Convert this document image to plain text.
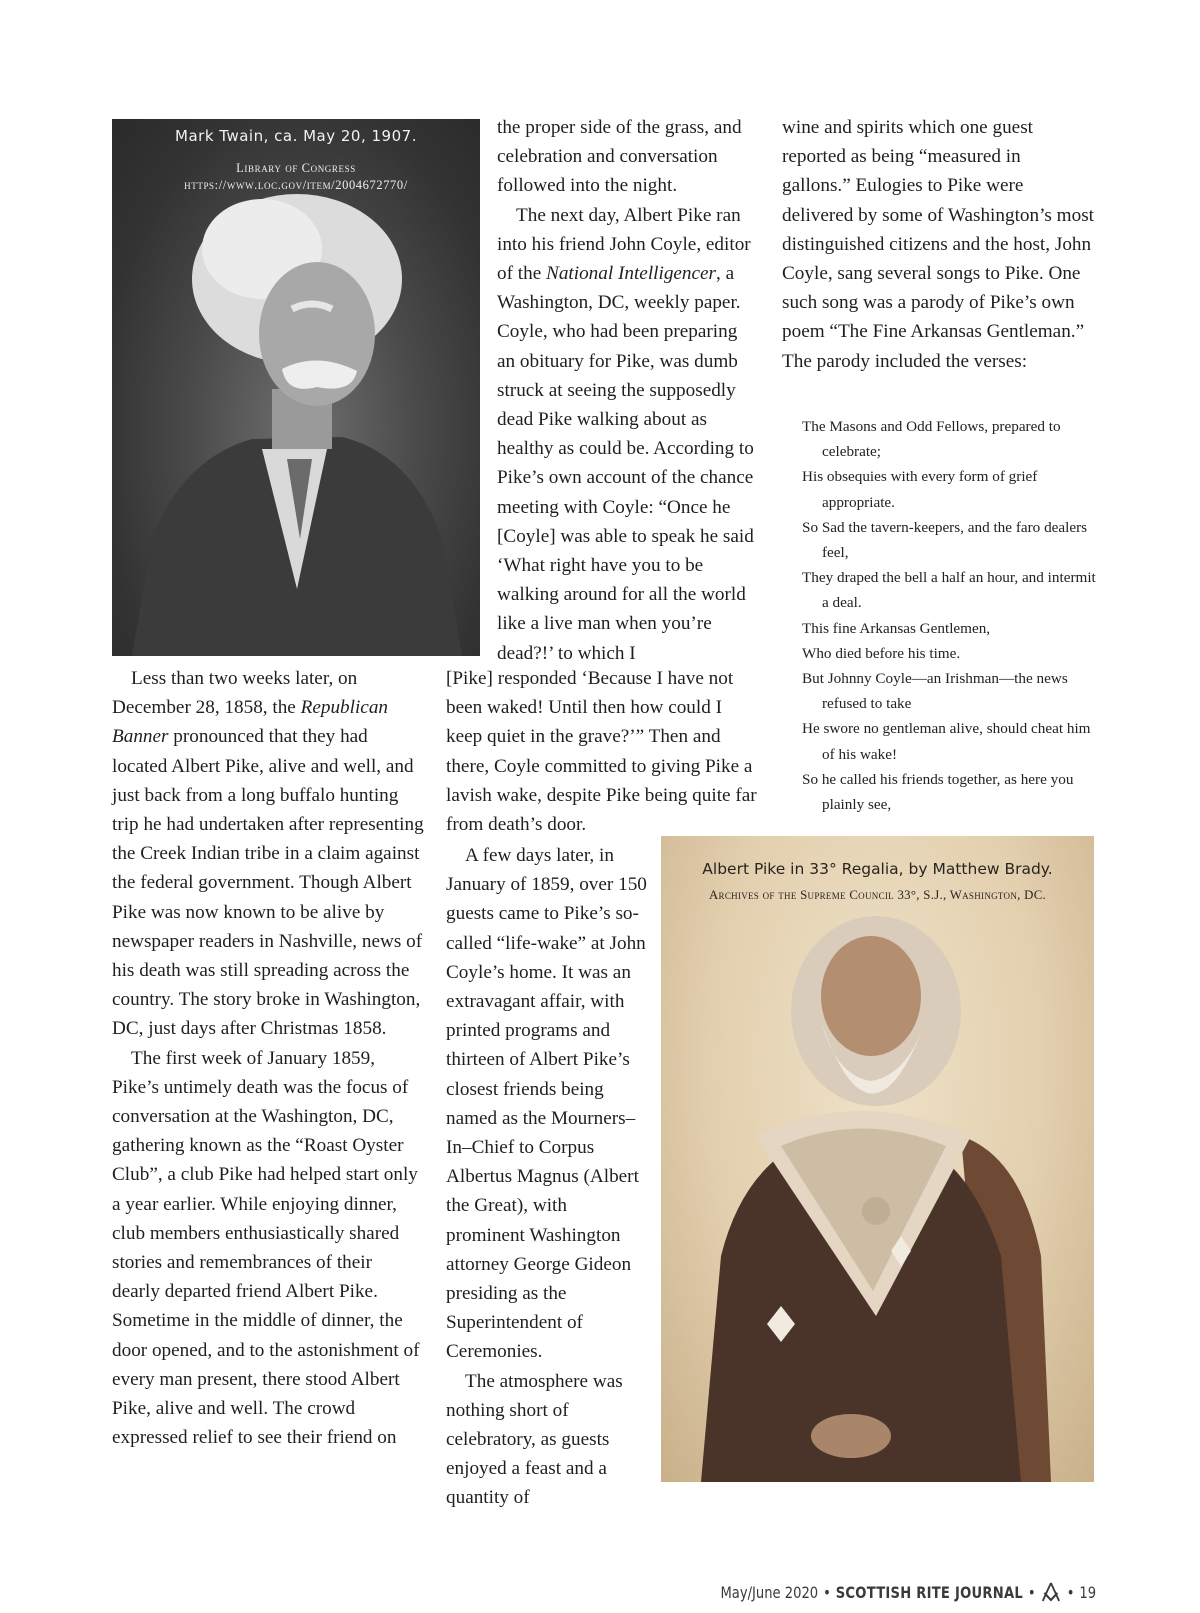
Mark Twain, ca. May 20, 1907.
Library of Congress
https://www.loc.gov/item/2004672770/

Less than two weeks later, on December 28, 1858, the Republican Banner pronounced that they had located Albert Pike, alive and well, and just back from a long buffalo hunting trip he had undertaken after representing the Creek Indian tribe in a claim against the federal government. Though Albert Pike was now known to be alive by newspaper readers in Nashville, news of his death was still spreading across the country. The story broke in Washington, DC, just days after Christmas 1858.

The first week of January 1859, Pike’s untimely death was the focus of conversation at the Washington, DC, gathering known as the “Roast Oyster Club”, a club Pike had helped start only a year earlier. While enjoying dinner, club members enthusiastically shared stories and remembrances of their dearly departed friend Albert Pike. Sometime in the middle of dinner, the door opened, and to the astonishment of every man present, there stood Albert Pike, alive and well. The crowd expressed relief to see their friend on

the proper side of the grass, and celebration and conversation followed into the night.

The next day, Albert Pike ran into his friend John Coyle, editor of the National Intelligencer, a Washington, DC, weekly paper. Coyle, who had been preparing an obituary for Pike, was dumb struck at seeing the supposedly dead Pike walking about as healthy as could be. According to Pike’s own account of the chance meeting with Coyle: “Once he [Coyle] was able to speak he said ‘What right have you to be walking around for all the world like a live man when you’re dead?!’ to which I

[Pike] responded ‘Because I have not been waked! Until then how could I keep quiet in the grave?’” Then and there, Coyle committed to giving Pike a lavish wake, despite Pike being quite far from death’s door.

A few days later, in January of 1859, over 150 guests came to Pike’s so-called “life-wake” at John Coyle’s home. It was an extravagant affair, with printed programs and thirteen of Albert Pike’s closest friends being named as the Mourners–In–Chief to Corpus Albertus Magnus (Albert the Great), with prominent Washington attorney George Gideon presiding as the Superintendent of Ceremonies.

The atmosphere was nothing short of celebratory, as guests enjoyed a feast and a quantity of

wine and spirits which one guest reported as being “measured in gallons.” Eulogies to Pike were delivered by some of Washington’s most distinguished citizens and the host, John Coyle, sang several songs to Pike. One such song was a parody of Pike’s own poem “The Fine Arkansas Gentleman.” The parody included the verses:

The Masons and Odd Fellows, prepared to celebrate;
His obsequies with every form of grief appropriate.
So Sad the tavern-keepers, and the faro dealers feel,
They draped the bell a half an hour, and intermit a deal.
This fine Arkansas Gentlemen,
Who died before his time.
But Johnny Coyle—an Irishman—the news refused to take
He swore no gentleman alive, should cheat him of his wake!
So he called his friends together, as here you plainly see,
Albert Pike in 33° Regalia, by Matthew Brady.
Archives of the Supreme Council 33°, S.J., Washington, DC.
May/June 2020 • SCOTTISH RITE JOURNAL • • 19
